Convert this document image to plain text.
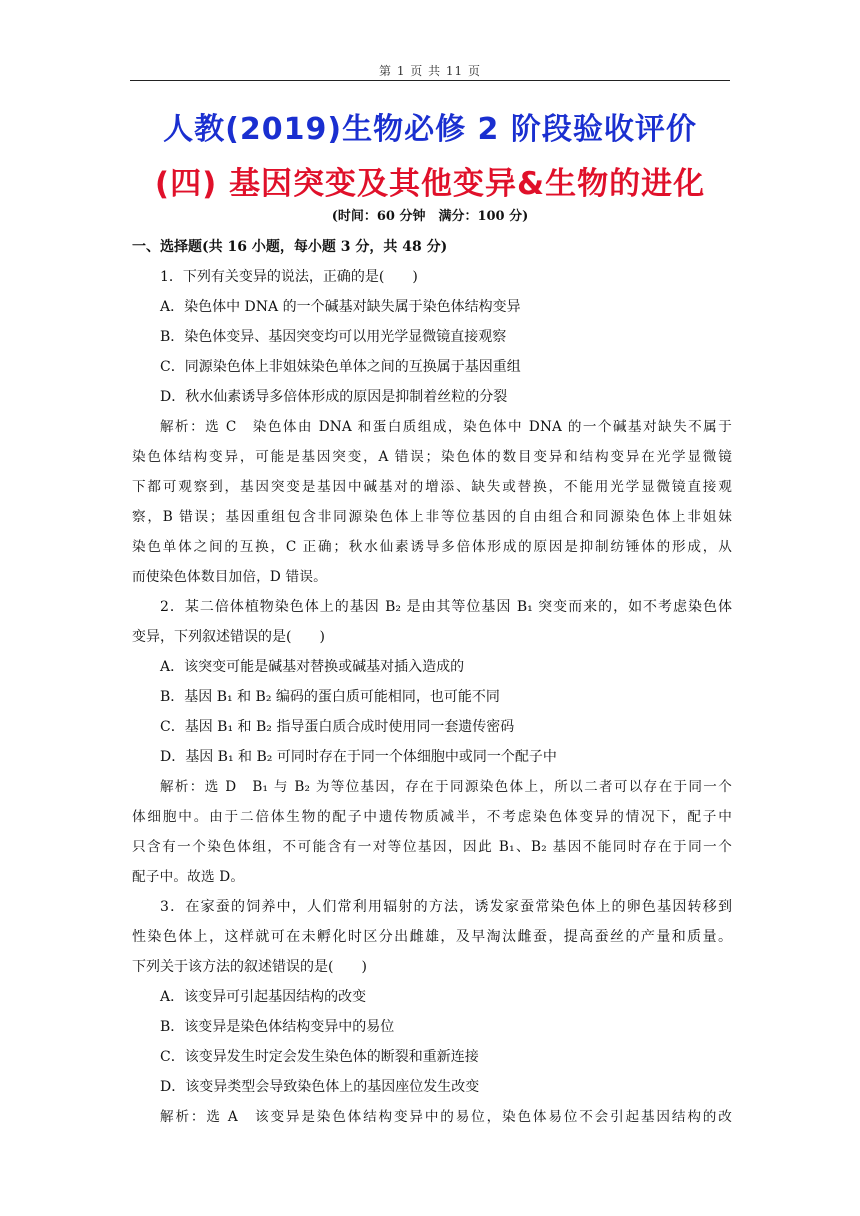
第 1 页 共 11 页
人教(2019)生物必修 2 阶段验收评价
(四) 基因突变及其他变异&生物的进化
(时间：60 分钟　满分：100 分)
一、选择题(共 16 小题，每小题 3 分，共 48 分)
1．下列有关变异的说法，正确的是(　　)
A．染色体中 DNA 的一个碱基对缺失属于染色体结构变异
B．染色体变异、基因突变均可以用光学显微镜直接观察
C．同源染色体上非姐妹染色单体之间的互换属于基因重组
D．秋水仙素诱导多倍体形成的原因是抑制着丝粒的分裂
解析：选 C　染色体由 DNA 和蛋白质组成，染色体中 DNA 的一个碱基对缺失不属于
染色体结构变异，可能是基因突变，A 错误；染色体的数目变异和结构变异在光学显微镜
下都可观察到，基因突变是基因中碱基对的增添、缺失或替换，不能用光学显微镜直接观
察，B 错误；基因重组包含非同源染色体上非等位基因的自由组合和同源染色体上非姐妹
染色单体之间的互换，C 正确；秋水仙素诱导多倍体形成的原因是抑制纺锤体的形成，从
而使染色体数目加倍，D 错误。
2．某二倍体植物染色体上的基因 B₂ 是由其等位基因 B₁ 突变而来的，如不考虑染色体
变异，下列叙述错误的是(　　)
A．该突变可能是碱基对替换或碱基对插入造成的
B．基因 B₁ 和 B₂ 编码的蛋白质可能相同，也可能不同
C．基因 B₁ 和 B₂ 指导蛋白质合成时使用同一套遗传密码
D．基因 B₁ 和 B₂ 可同时存在于同一个体细胞中或同一个配子中
解析：选 D　B₁ 与 B₂ 为等位基因，存在于同源染色体上，所以二者可以存在于同一个
体细胞中。由于二倍体生物的配子中遗传物质减半，不考虑染色体变异的情况下，配子中
只含有一个染色体组，不可能含有一对等位基因，因此 B₁、B₂ 基因不能同时存在于同一个
配子中。故选 D。
3．在家蚕的饲养中，人们常利用辐射的方法，诱发家蚕常染色体上的卵色基因转移到
性染色体上，这样就可在未孵化时区分出雌雄，及早淘汰雌蚕，提高蚕丝的产量和质量。
下列关于该方法的叙述错误的是(　　)
A．该变异可引起基因结构的改变
B．该变异是染色体结构变异中的易位
C．该变异发生时定会发生染色体的断裂和重新连接
D．该变异类型会导致染色体上的基因座位发生改变
解析：选 A　该变异是染色体结构变异中的易位，染色体易位不会引起基因结构的改
